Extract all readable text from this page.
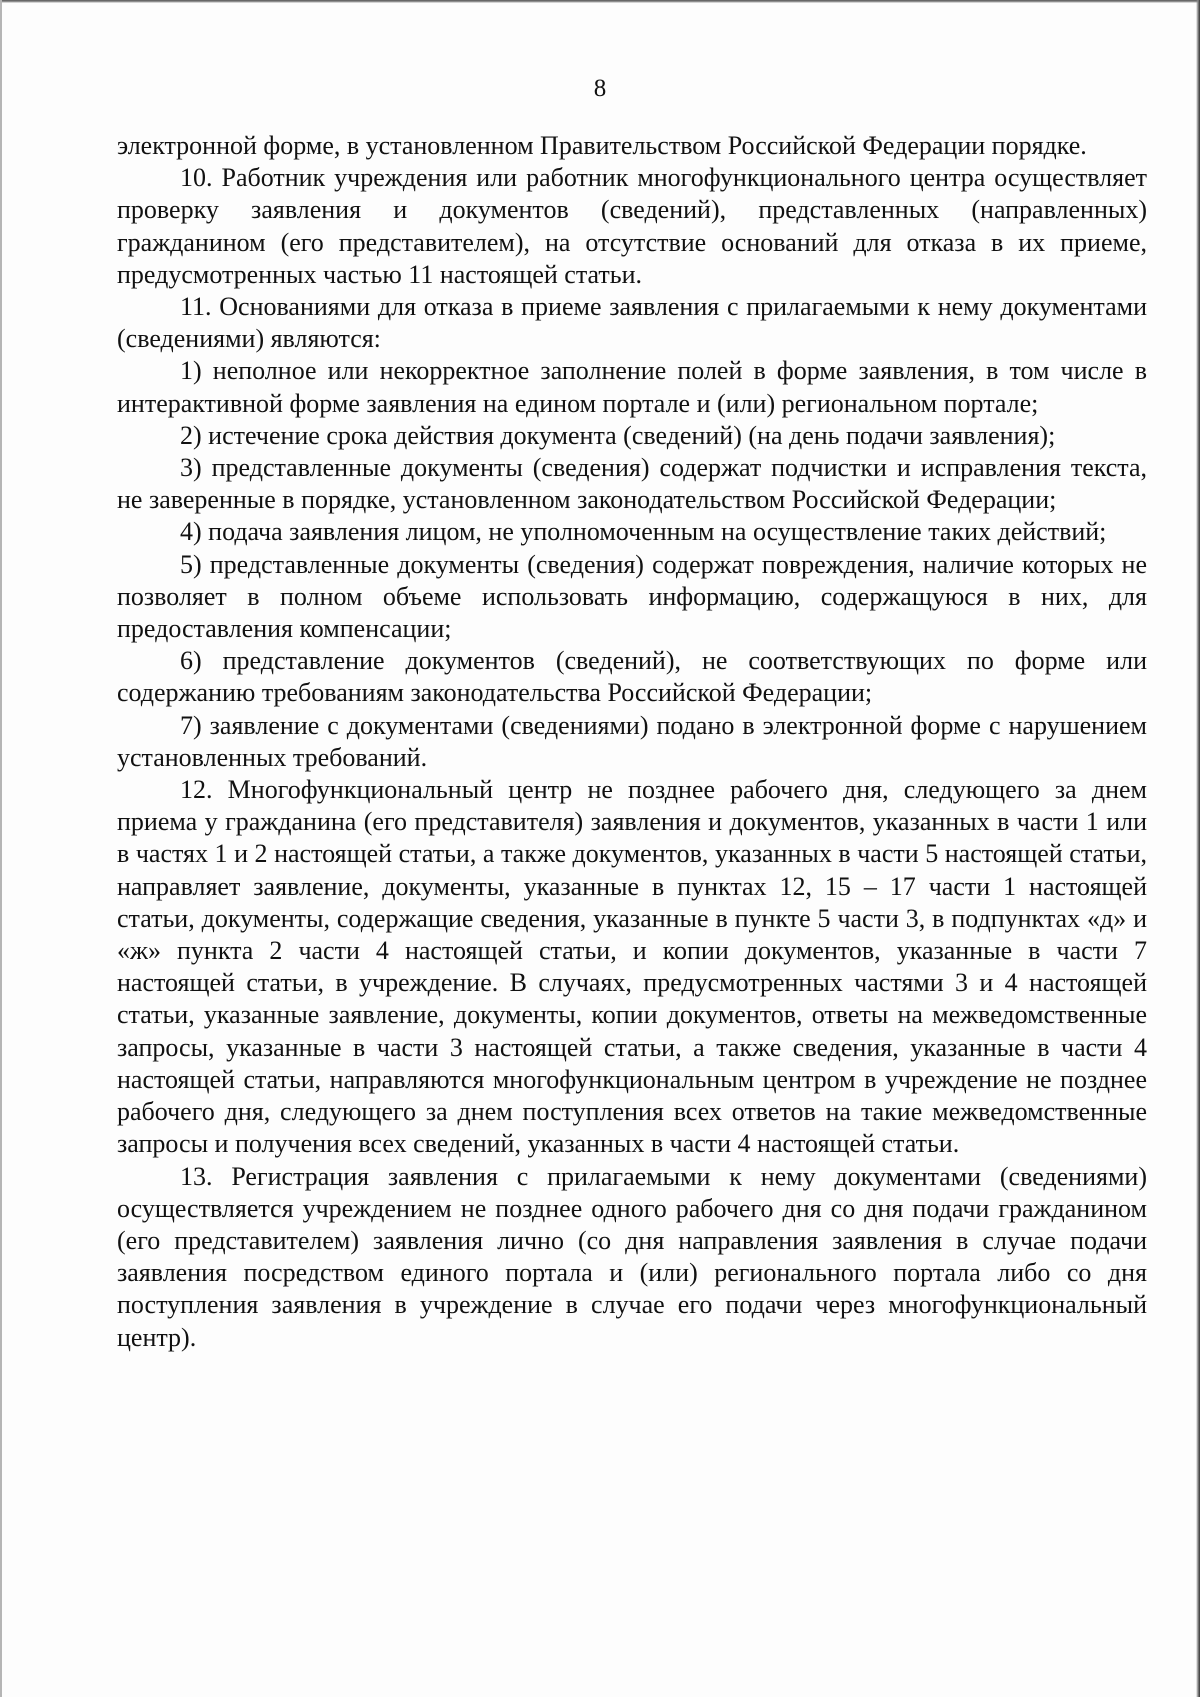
8

электронной форме, в установленном Правительством Российской Федерации порядке.

10. Работник учреждения или работник многофункционального центра осуществляет проверку заявления и документов (сведений), представленных (направленных) гражданином (его представителем), на отсутствие оснований для отказа в их приеме, предусмотренных частью 11 настоящей статьи.

11. Основаниями для отказа в приеме заявления с прилагаемыми к нему документами (сведениями) являются:

1) неполное или некорректное заполнение полей в форме заявления, в том числе в интерактивной форме заявления на едином портале и (или) региональном портале;

2) истечение срока действия документа (сведений) (на день подачи заявления);

3) представленные документы (сведения) содержат подчистки и исправления текста, не заверенные в порядке, установленном законодательством Российской Федерации;

4) подача заявления лицом, не уполномоченным на осуществление таких действий;

5) представленные документы (сведения) содержат повреждения, наличие которых не позволяет в полном объеме использовать информацию, содержащуюся в них, для предоставления компенсации;

6) представление документов (сведений), не соответствующих по форме или содержанию требованиям законодательства Российской Федерации;

7) заявление с документами (сведениями) подано в электронной форме с нарушением установленных требований.

12. Многофункциональный центр не позднее рабочего дня, следующего за днем приема у гражданина (его представителя) заявления и документов, указанных в части 1 или в частях 1 и 2 настоящей статьи, а также документов, указанных в части 5 настоящей статьи, направляет заявление, документы, указанные в пунктах 12, 15 – 17 части 1 настоящей статьи, документы, содержащие сведения, указанные в пункте 5 части 3, в подпунктах «д» и «ж» пункта 2 части 4 настоящей статьи, и копии документов, указанные в части 7 настоящей статьи, в учреждение. В случаях, предусмотренных частями 3 и 4 настоящей статьи, указанные заявление, документы, копии документов, ответы на межведомственные запросы, указанные в части 3 настоящей статьи, а также сведения, указанные в части 4 настоящей статьи, направляются многофункциональным центром в учреждение не позднее рабочего дня, следующего за днем поступления всех ответов на такие межведомственные запросы и получения всех сведений, указанных в части 4 настоящей статьи.

13. Регистрация заявления с прилагаемыми к нему документами (сведениями) осуществляется учреждением не позднее одного рабочего дня со дня подачи гражданином (его представителем) заявления лично (со дня направления заявления в случае подачи заявления посредством единого портала и (или) регионального портала либо со дня поступления заявления в учреждение в случае его подачи через многофункциональный центр).
